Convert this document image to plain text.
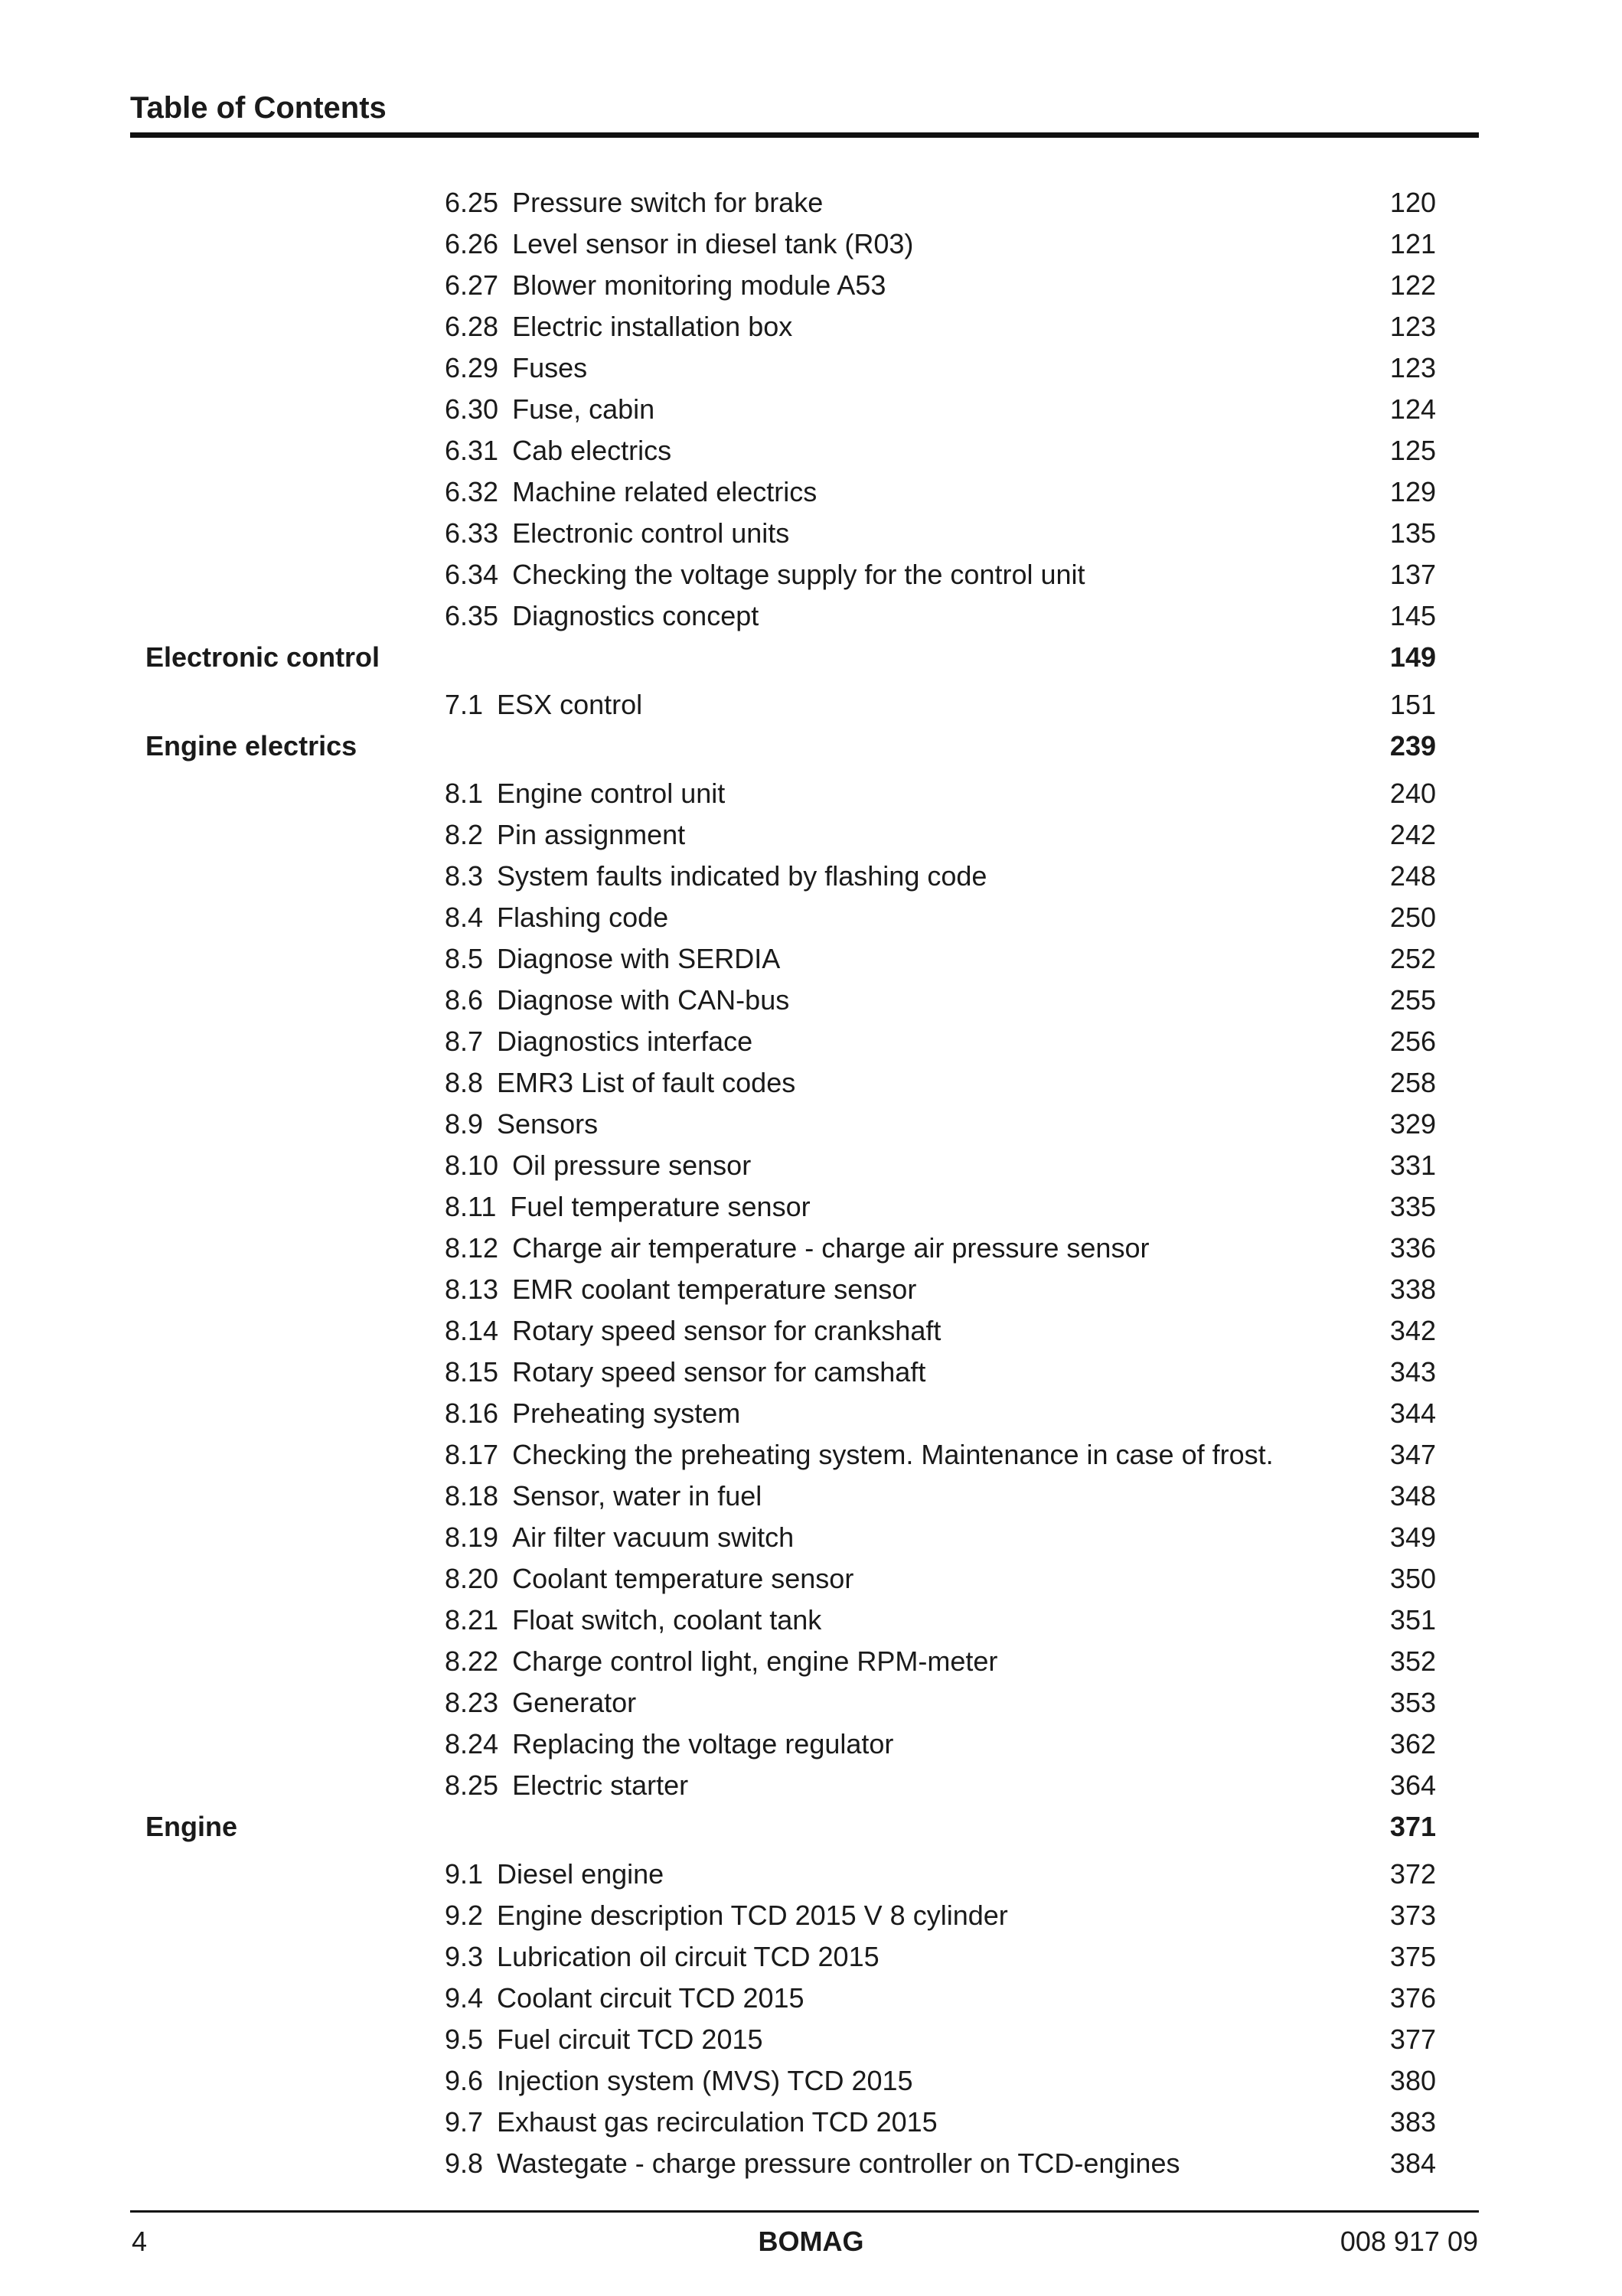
Table of Contents
6.25 Pressure switch for brake	120
6.26 Level sensor in diesel tank (R03)	121
6.27 Blower monitoring module A53	122
6.28 Electric installation box	123
6.29 Fuses	123
6.30 Fuse, cabin	124
6.31 Cab electrics	125
6.32 Machine related electrics	129
6.33 Electronic control units	135
6.34 Checking the voltage supply for the control unit	137
6.35 Diagnostics concept	145
Electronic control	149
7.1 ESX control	151
Engine electrics	239
8.1 Engine control unit	240
8.2 Pin assignment	242
8.3 System faults indicated by flashing code	248
8.4 Flashing code	250
8.5 Diagnose with SERDIA	252
8.6 Diagnose with CAN-bus	255
8.7 Diagnostics interface	256
8.8 EMR3 List of fault codes	258
8.9 Sensors	329
8.10 Oil pressure sensor	331
8.11 Fuel temperature sensor	335
8.12 Charge air temperature - charge air pressure sensor	336
8.13 EMR coolant temperature sensor	338
8.14 Rotary speed sensor for crankshaft	342
8.15 Rotary speed sensor for camshaft	343
8.16 Preheating system	344
8.17 Checking the preheating system. Maintenance in case of frost.	347
8.18 Sensor, water in fuel	348
8.19 Air filter vacuum switch	349
8.20 Coolant temperature sensor	350
8.21 Float switch, coolant tank	351
8.22 Charge control light, engine RPM-meter	352
8.23 Generator	353
8.24 Replacing the voltage regulator	362
8.25 Electric starter	364
Engine	371
9.1 Diesel engine	372
9.2 Engine description TCD 2015 V 8 cylinder	373
9.3 Lubrication oil circuit TCD 2015	375
9.4 Coolant circuit TCD 2015	376
9.5 Fuel circuit TCD 2015	377
9.6 Injection system (MVS) TCD 2015	380
9.7 Exhaust gas recirculation TCD 2015	383
9.8 Wastegate - charge pressure controller on TCD-engines	384
4	BOMAG	008 917 09
